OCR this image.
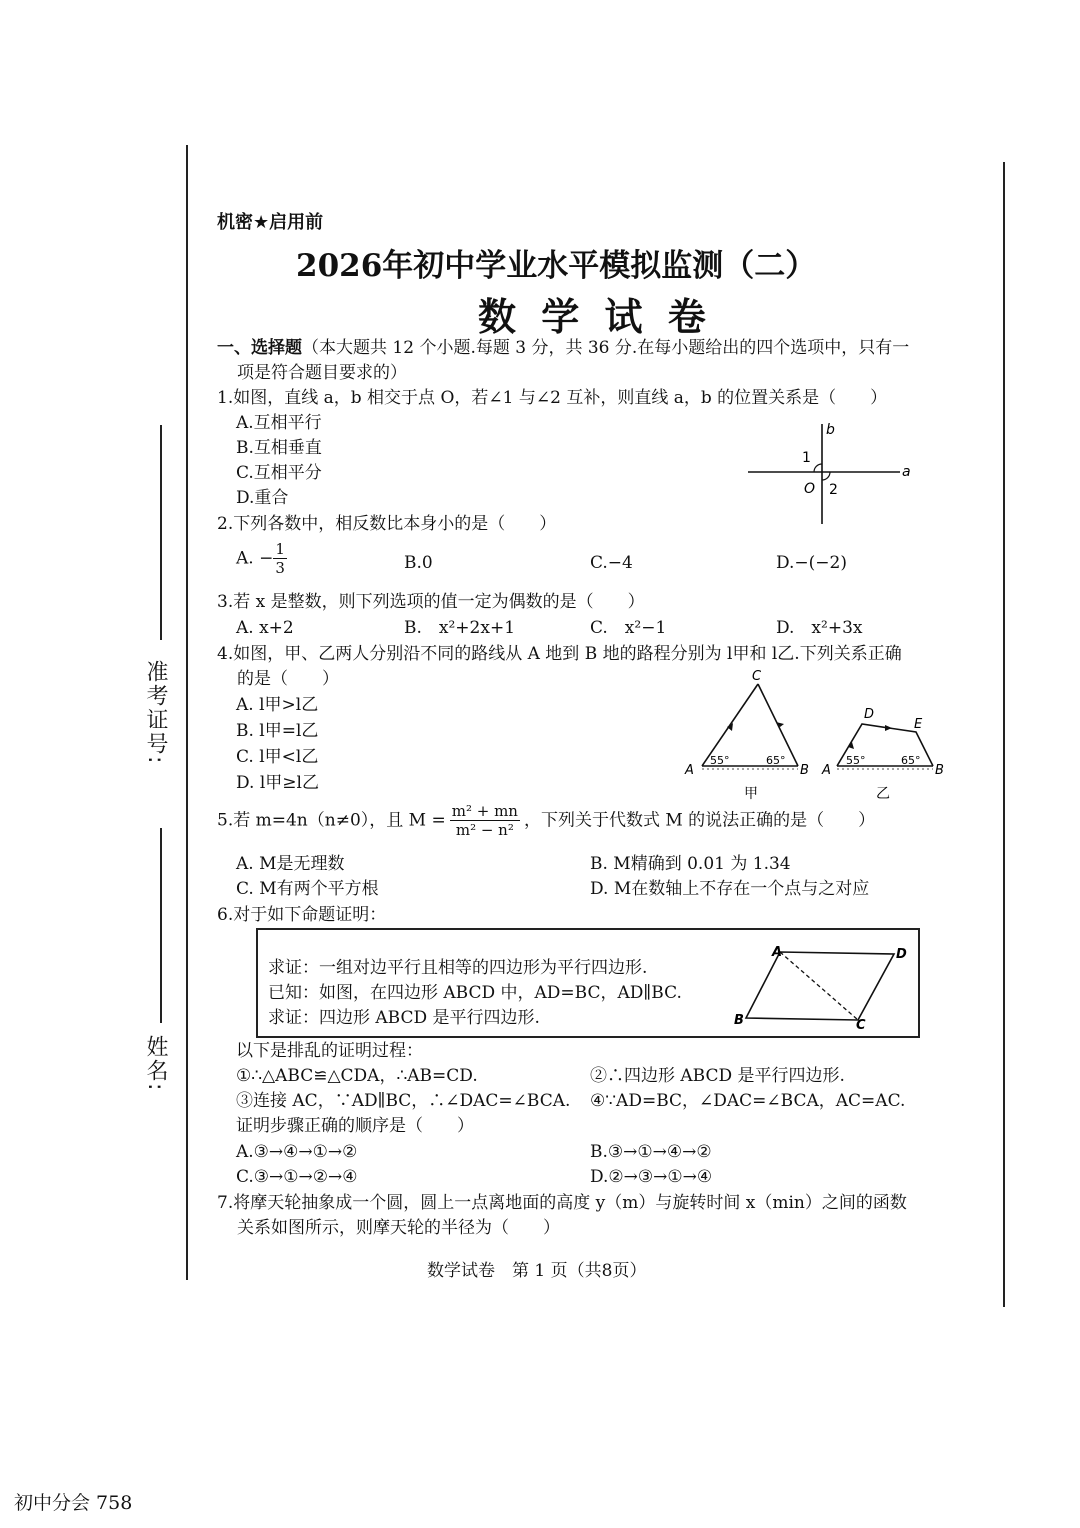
准考证号:
姓名:
机密★启用前
2026年初中学业水平模拟监测（二）
数 学 试 卷
一、选择题（本大题共 12 个小题.每题 3 分，共 36 分.在每小题给出的四个选项中，只有一
项是符合题目要求的）
1.如图，直线 a，b 相交于点 O，若∠1 与∠2 互补，则直线 a，b 的位置关系是（　　）
A.互相平行
B.互相垂直
C.互相平分
D.重合
b
a
1
O 2
2.下列各数中，相反数比本身小的是（　　）
A. − $\frac{1}{3}$	B.0	C.−4	D.−(−2)
3.若 x 是整数，则下列选项的值一定为偶数的是（　　）
A. x+2	B.　x²+2x+1	C.　x²−1	D.　x²+3x
4.如图，甲、乙两人分别沿不同的路线从 A 地到 B 地的路程分别为 l甲和 l乙.下列关系正确
的是（　　）
A. l甲>l乙
B. l甲=l乙
C. l甲<l乙
D. l甲≥l乙
A	B
C
55°	65°
甲
A	B
D
E
55°	65°
乙
5.若 m=4n（n≠0），且 $M = \frac{\text{m² + mn}}{\text{m² − n²}}$ ，下列关于代数式 M 的说法正确的是（　　）
A. M是无理数	B. M精确到 0.01 为 1.34
C. M有两个平方根	D. M在数轴上不存在一个点与之对应
6.对于如下命题证明：
求证：一组对边平行且相等的四边形为平行四边形.
已知：如图，在四边形 ABCD 中，AD=BC，AD∥BC.
求证：四边形 ABCD 是平行四边形.
A	D
B	C
以下是排乱的证明过程：
①∴△ABC≌△CDA，∴AB=CD.	②∴四边形 ABCD 是平行四边形.
③连接 AC，∵AD∥BC，∴∠DAC=∠BCA. ④∵AD=BC，∠DAC=∠BCA，AC=AC.
证明步骤正确的顺序是（　　）
A.③→④→①→②	B.③→①→④→②
C.③→①→②→④	D.②→③→①→④
7.将摩天轮抽象成一个圆，圆上一点离地面的高度 y（m）与旋转时间 x（min）之间的函数
关系如图所示，则摩天轮的半径为（　　）
数学试卷　第 1 页（共8页）
初中分会 758
